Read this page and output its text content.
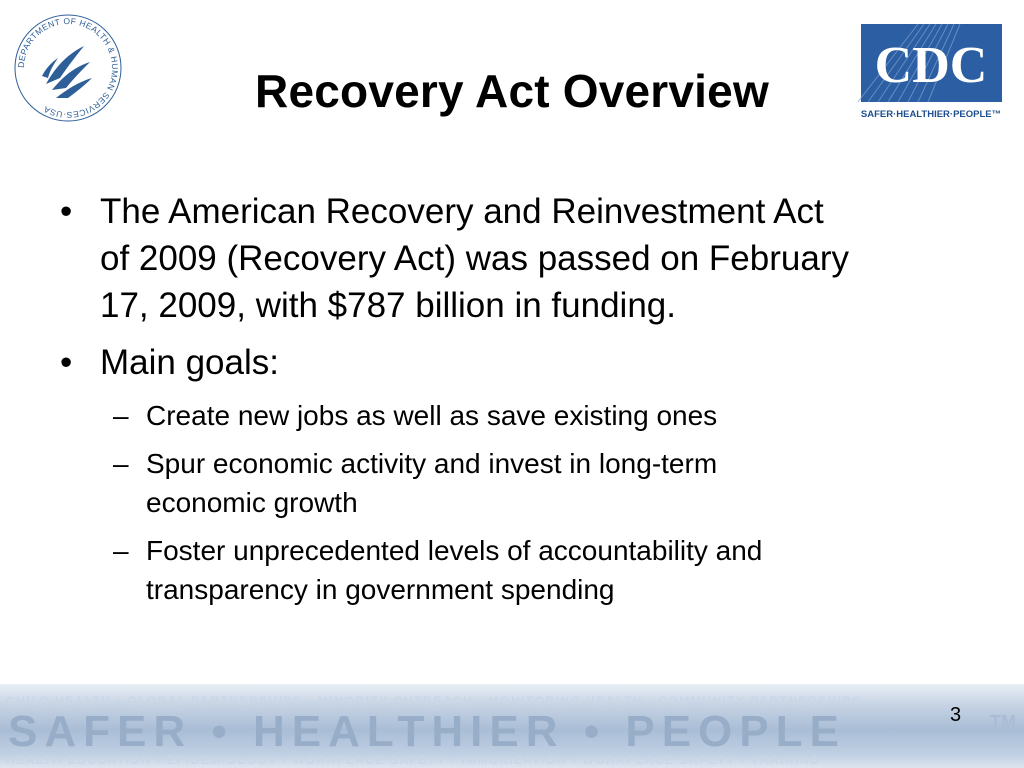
DEPARTMENT OF HEALTH & HUMAN SERVICES·USA
CDC
SAFER·HEALTHIER·PEOPLE™
Recovery Act Overview
• The American Recovery and Reinvestment Act
of 2009 (Recovery Act) was passed on February
17, 2009, with $787 billion in funding.
• Main goals:
– Create new jobs as well as save existing ones
– Spur economic activity and invest in long-term
economic growth
– Foster unprecedented levels of accountability and
transparency in government spending
CHILD HEALTH • GLOBAL PARTNERSHIPS • MINORITY OUTREACH • MONITORING HEALTH • COMMUNITY PARTNERSHIPS
SAFER • HEALTHIER • PEOPLE	TM
HEALTH EDUCATION • EPIDEMIOLOGY • WORKPLACE SAFETY • IMMUNIZATION • WORKPLACE SAFETY • TRAINING
3
